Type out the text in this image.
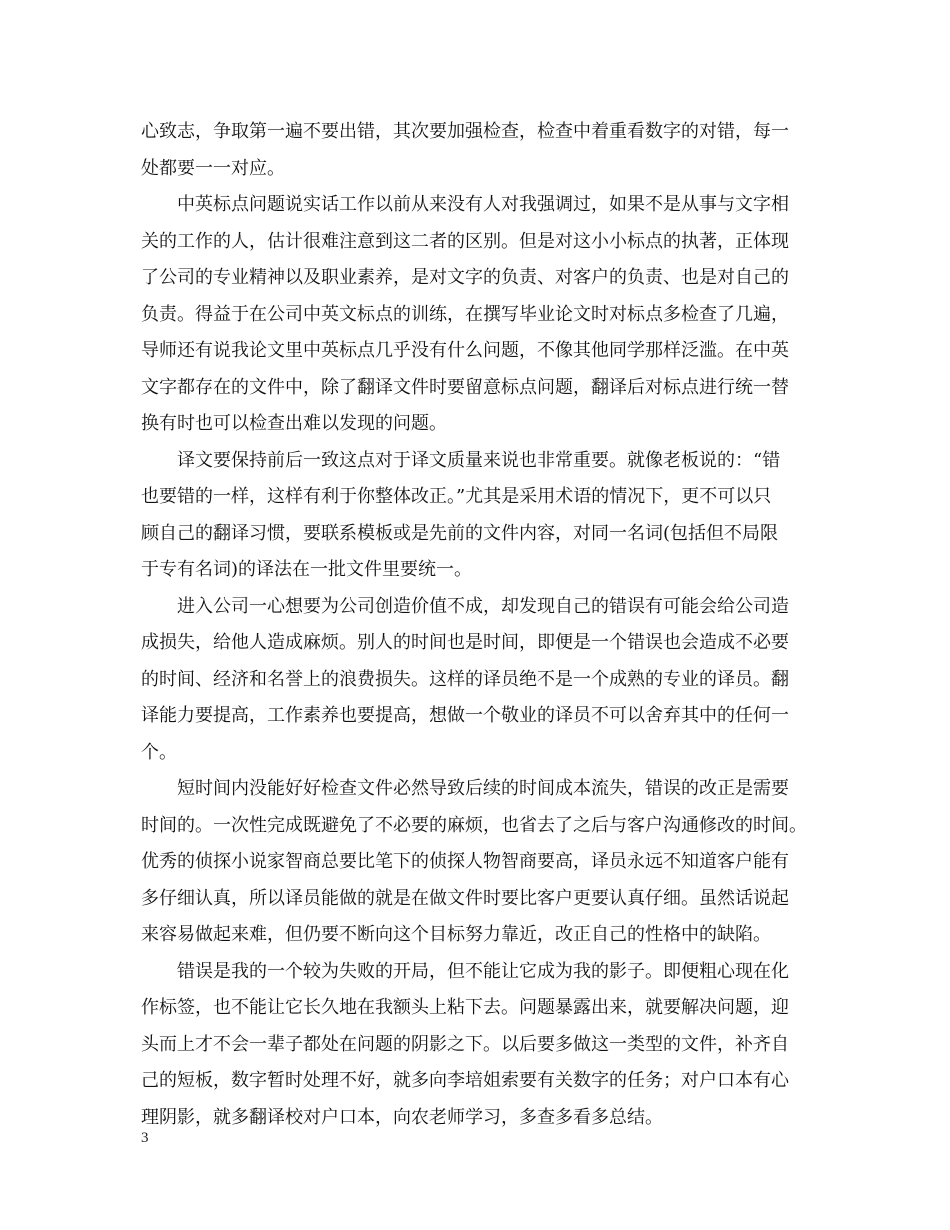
心致志，争取第一遍不要出错，其次要加强检查，检查中着重看数字的对错，每一
处都要一一对应。
中英标点问题说实话工作以前从来没有人对我强调过，如果不是从事与文字相
关的工作的人，估计很难注意到这二者的区别。但是对这小小标点的执著，正体现
了公司的专业精神以及职业素养，是对文字的负责、对客户的负责、也是对自己的
负责。得益于在公司中英文标点的训练，在撰写毕业论文时对标点多检查了几遍，
导师还有说我论文里中英标点几乎没有什么问题，不像其他同学那样泛滥。在中英
文字都存在的文件中，除了翻译文件时要留意标点问题，翻译后对标点进行统一替
换有时也可以检查出难以发现的问题。
译文要保持前后一致这点对于译文质量来说也非常重要。就像老板说的：“错
也要错的一样，这样有利于你整体改正。”尤其是采用术语的情况下，更不可以只
顾自己的翻译习惯，要联系模板或是先前的文件内容，对同一名词(包括但不局限
于专有名词)的译法在一批文件里要统一。
进入公司一心想要为公司创造价值不成，却发现自己的错误有可能会给公司造
成损失，给他人造成麻烦。别人的时间也是时间，即便是一个错误也会造成不必要
的时间、经济和名誉上的浪费损失。这样的译员绝不是一个成熟的专业的译员。翻
译能力要提高，工作素养也要提高，想做一个敬业的译员不可以舍弃其中的任何一
个。
短时间内没能好好检查文件必然导致后续的时间成本流失，错误的改正是需要
时间的。一次性完成既避免了不必要的麻烦，也省去了之后与客户沟通修改的时间。
优秀的侦探小说家智商总要比笔下的侦探人物智商要高，译员永远不知道客户能有
多仔细认真，所以译员能做的就是在做文件时要比客户更要认真仔细。虽然话说起
来容易做起来难，但仍要不断向这个目标努力靠近，改正自己的性格中的缺陷。
错误是我的一个较为失败的开局，但不能让它成为我的影子。即便粗心现在化
作标签，也不能让它长久地在我额头上粘下去。问题暴露出来，就要解决问题，迎
头而上才不会一辈子都处在问题的阴影之下。以后要多做这一类型的文件，补齐自
己的短板，数字暂时处理不好，就多向李培姐索要有关数字的任务；对户口本有心
理阴影，就多翻译校对户口本，向农老师学习，多查多看多总结。
3
